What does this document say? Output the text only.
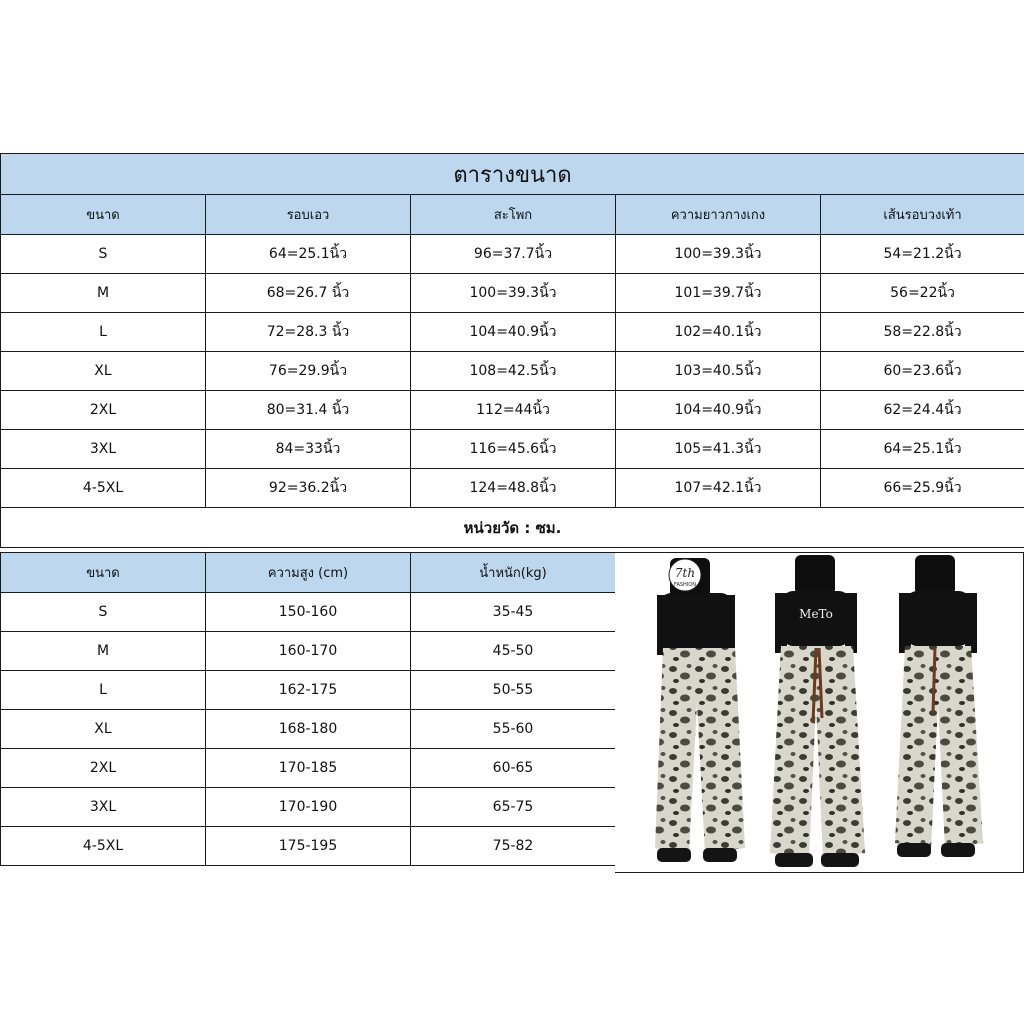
ตารางขนาด				
ขนาด	รอบเอว	สะโพก	ความยาวกางเกง	เส้นรอบวงเท้า
S	64=25.1นิ้ว	96=37.7นิ้ว	100=39.3นิ้ว	54=21.2นิ้ว
M	68=26.7 นิ้ว	100=39.3นิ้ว	101=39.7นิ้ว	56=22นิ้ว
L	72=28.3 นิ้ว	104=40.9นิ้ว	102=40.1นิ้ว	58=22.8นิ้ว
XL	76=29.9นิ้ว	108=42.5นิ้ว	103=40.5นิ้ว	60=23.6นิ้ว
2XL	80=31.4 นิ้ว	112=44นิ้ว	104=40.9นิ้ว	62=24.4นิ้ว
3XL	84=33นิ้ว	116=45.6นิ้ว	105=41.3นิ้ว	64=25.1นิ้ว
4-5XL	92=36.2นิ้ว	124=48.8นิ้ว	107=42.1นิ้ว	66=25.9นิ้ว
หน่วยวัด : ซม.				
ขนาด	ความสูง (cm)	น้ำหนัก(kg)
S	150-160	35-45
M	160-170	45-50
L	162-175	50-55
XL	168-180	55-60
2XL	170-185	60-65
3XL	170-190	65-75
4-5XL	175-195	75-82
MeTo
7th
FASHION
